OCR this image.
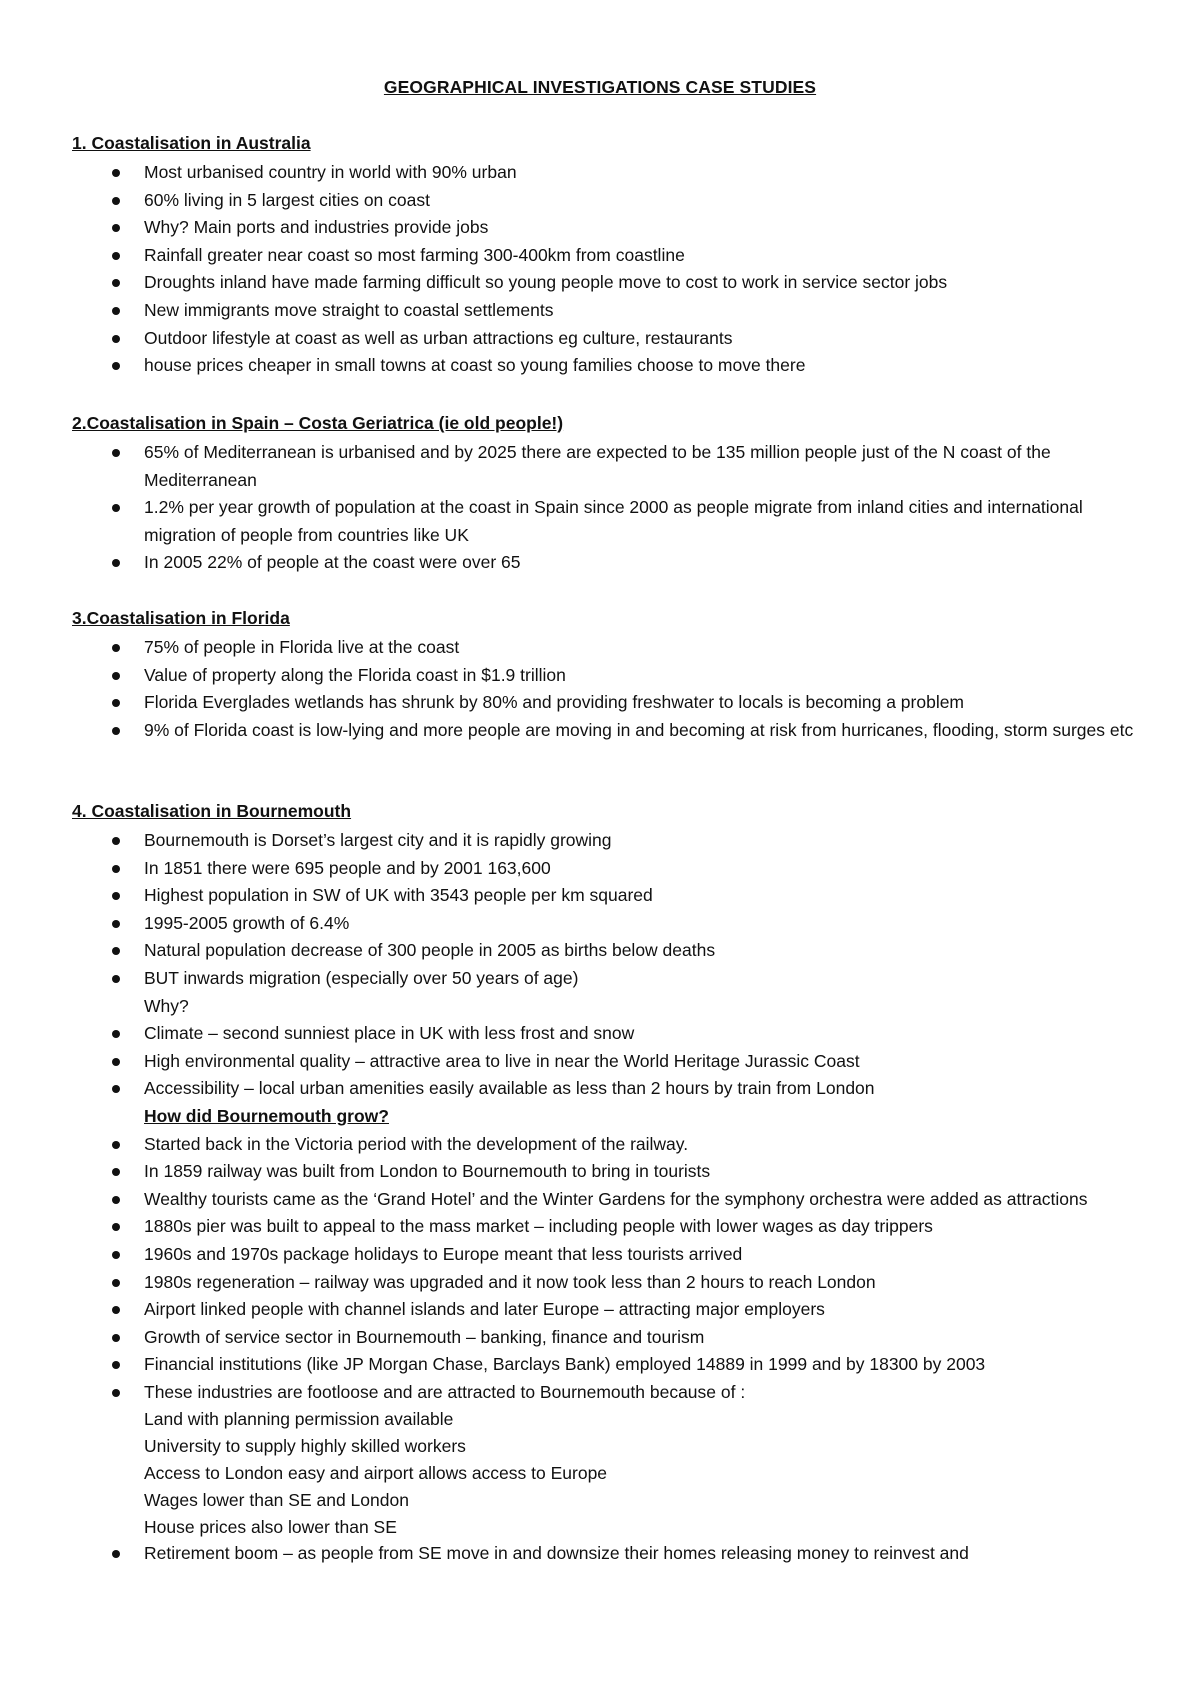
GEOGRAPHICAL INVESTIGATIONS CASE STUDIES
1. Coastalisation in Australia
Most urbanised country in world with 90% urban
60% living in 5 largest cities on coast
Why? Main ports and industries provide jobs
Rainfall greater near coast so most farming 300-400km from coastline
Droughts inland have made farming difficult so young people move to cost to work in service sector jobs
New immigrants move straight to coastal settlements
Outdoor lifestyle at coast as well as urban attractions eg culture, restaurants
house prices cheaper in small towns at coast so young families choose to move there
2.Coastalisation in Spain – Costa Geriatrica (ie old people!)
65% of Mediterranean is urbanised and by 2025 there are expected to be 135 million people just of the N coast of the Mediterranean
1.2% per year growth of population at the coast in Spain since 2000 as people migrate from inland cities and international migration of people from countries like UK
In 2005 22% of people at the coast were over 65
3.Coastalisation in Florida
75% of people in Florida live at the coast
Value of property along the Florida coast in $1.9 trillion
Florida Everglades wetlands has shrunk by 80% and providing freshwater to locals is becoming a problem
9% of Florida coast is low-lying and more people are moving in and becoming at risk from hurricanes, flooding, storm surges etc
4. Coastalisation in Bournemouth
Bournemouth is Dorset’s largest city and it is rapidly growing
In 1851 there were 695 people and by 2001 163,600
Highest population in SW of UK with 3543 people per km squared
1995-2005 growth of 6.4%
Natural population decrease of 300 people in 2005 as births below deaths
BUT inwards migration (especially over 50 years of age)
Why?
Climate – second sunniest place in UK with less frost and snow
High environmental quality – attractive area to live in near the World Heritage Jurassic Coast
Accessibility – local urban amenities easily available as less than 2 hours by train from London
How did Bournemouth grow?
Started back in the Victoria period with the development of the railway.
In 1859 railway was built from London to Bournemouth to bring in tourists
Wealthy tourists came as the ‘Grand Hotel’ and the Winter Gardens for the symphony orchestra were added as attractions
1880s pier was built to appeal to the mass market – including people with lower wages as day trippers
1960s and 1970s package holidays to Europe meant that less tourists arrived
1980s regeneration – railway was upgraded and it now took less than 2 hours to reach London
Airport linked people with channel islands and later Europe – attracting major employers
Growth of service sector in Bournemouth – banking, finance and tourism
Financial institutions (like JP Morgan Chase, Barclays Bank) employed 14889 in 1999 and by 18300 by 2003
These industries are footloose and are attracted to Bournemouth because of :
Land with planning permission available
University to supply highly skilled workers
Access to London easy and airport allows access to Europe
Wages lower than SE and London
House prices also lower than SE
Retirement boom – as people from SE move in and downsize their homes releasing money to reinvest and
